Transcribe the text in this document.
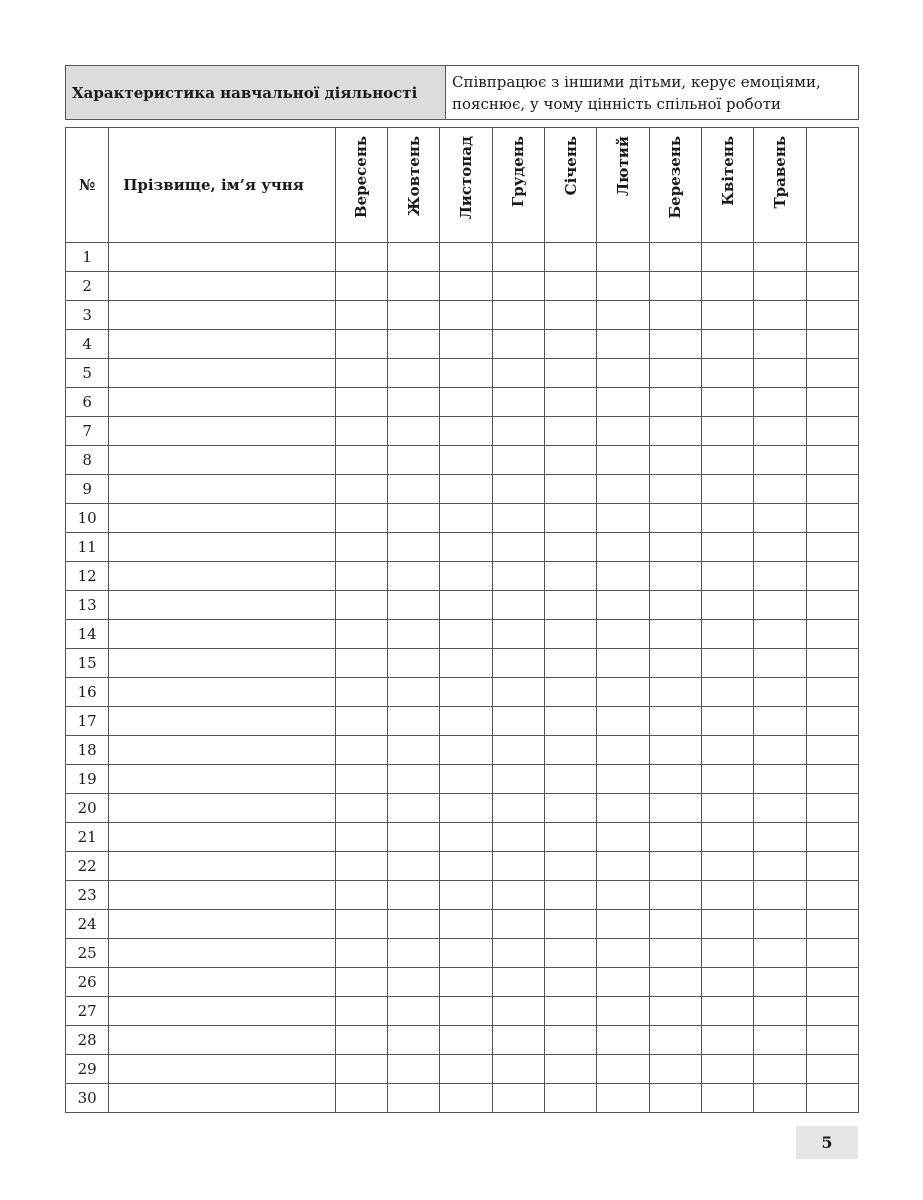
Характеристика навчальної діяльності	Співпрацює з іншими дітьми, керує емоціями, пояснює, у чому цінність спільної роботи
№	Прізвище, ім’я учня	Вересень	Жовтень	Листопад	Грудень	Січень	Лютий	Березень	Квітень	Травень	
1											
2											
3											
4											
5											
6											
7											
8											
9											
10											
11											
12											
13											
14											
15											
16											
17											
18											
19											
20											
21											
22											
23											
24											
25											
26											
27											
28											
29											
30											
5
